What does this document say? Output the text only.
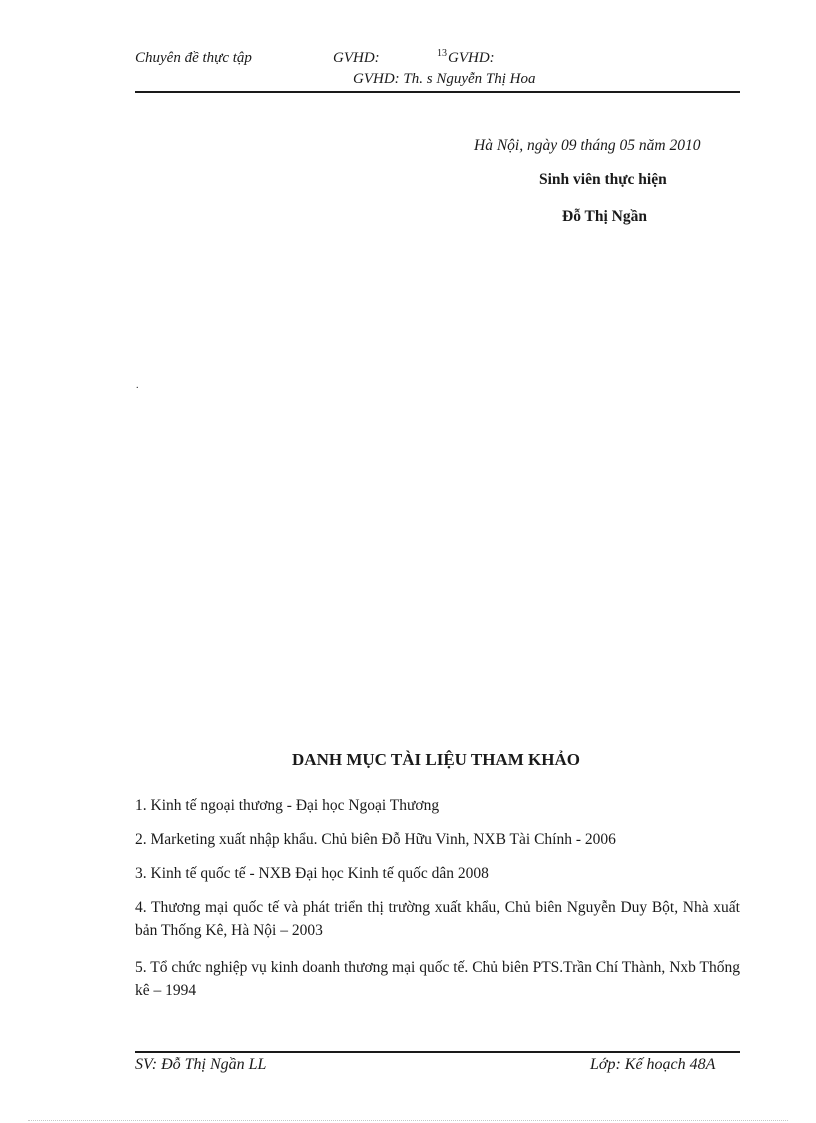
Chuyên đề thực tập	GVHD:	13 GVHD:
GVHD: Th. s Nguyễn Thị Hoa
Hà Nội, ngày 09 tháng 05 năm 2010
Sinh viên thực hiện
Đỗ Thị Ngần
.
DANH MỤC TÀI LIỆU THAM KHẢO
1. Kinh tế ngoại thương - Đại học Ngoại Thương
2. Marketing xuất nhập khẩu. Chủ biên Đỗ Hữu Vinh, NXB Tài Chính - 2006
3. Kinh tế quốc tế - NXB Đại học Kinh tế quốc dân 2008
4. Thương mại quốc tế và phát triển thị trường xuất khẩu, Chủ biên Nguyễn Duy Bột, Nhà xuất bản Thống Kê, Hà Nội – 2003
5. Tổ chức nghiệp vụ kinh doanh thương mại quốc tế. Chủ biên PTS.Trần Chí Thành, Nxb Thống kê – 1994
SV: Đỗ Thị Ngần LL	Lớp: Kế hoạch 48A
